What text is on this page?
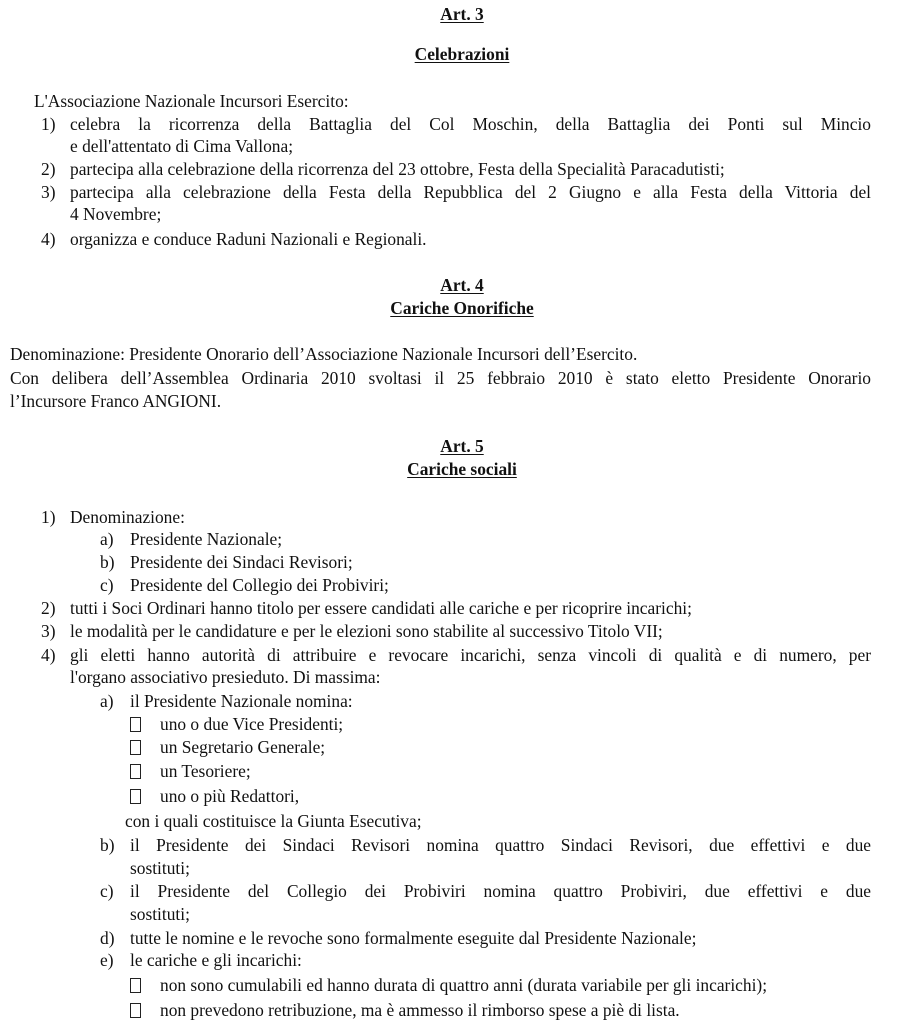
Art. 3
Celebrazioni
L'Associazione Nazionale Incursori Esercito:
1) celebra la ricorrenza della Battaglia del Col Moschin, della Battaglia dei Ponti sul Mincio
e dell'attentato di Cima Vallona;
2) partecipa alla celebrazione della ricorrenza del 23 ottobre, Festa della Specialità Paracadutisti;
3) partecipa alla celebrazione della Festa della Repubblica del 2 Giugno e alla Festa della Vittoria del
4 Novembre;
4) organizza e conduce Raduni Nazionali e Regionali.
Art. 4
Cariche Onorifiche
Denominazione: Presidente Onorario dell’Associazione Nazionale Incursori dell’Esercito.
Con delibera dell’Assemblea Ordinaria 2010 svoltasi il 25 febbraio 2010 è stato eletto Presidente Onorario
l’Incursore Franco ANGIONI.
Art. 5
Cariche sociali
1) Denominazione:
a) Presidente Nazionale;
b) Presidente dei Sindaci Revisori;
c) Presidente del Collegio dei Probiviri;
2) tutti i Soci Ordinari hanno titolo per essere candidati alle cariche e per ricoprire incarichi;
3) le modalità per le candidature e per le elezioni sono stabilite al successivo Titolo VII;
4) gli eletti hanno autorità di attribuire e revocare incarichi, senza vincoli di qualità e di numero, per
l'organo associativo presieduto. Di massima:
a) il Presidente Nazionale nomina:
uno o due Vice Presidenti;
un Segretario Generale;
un Tesoriere;
uno o più Redattori,
con i quali costituisce la Giunta Esecutiva;
b) il Presidente dei Sindaci Revisori nomina quattro Sindaci Revisori, due effettivi e due
sostituti;
c) il Presidente del Collegio dei Probiviri nomina quattro Probiviri, due effettivi e due
sostituti;
d) tutte le nomine e le revoche sono formalmente eseguite dal Presidente Nazionale;
e) le cariche e gli incarichi:
non sono cumulabili ed hanno durata di quattro anni (durata variabile per gli incarichi);
non prevedono retribuzione, ma è ammesso il rimborso spese a piè di lista.
